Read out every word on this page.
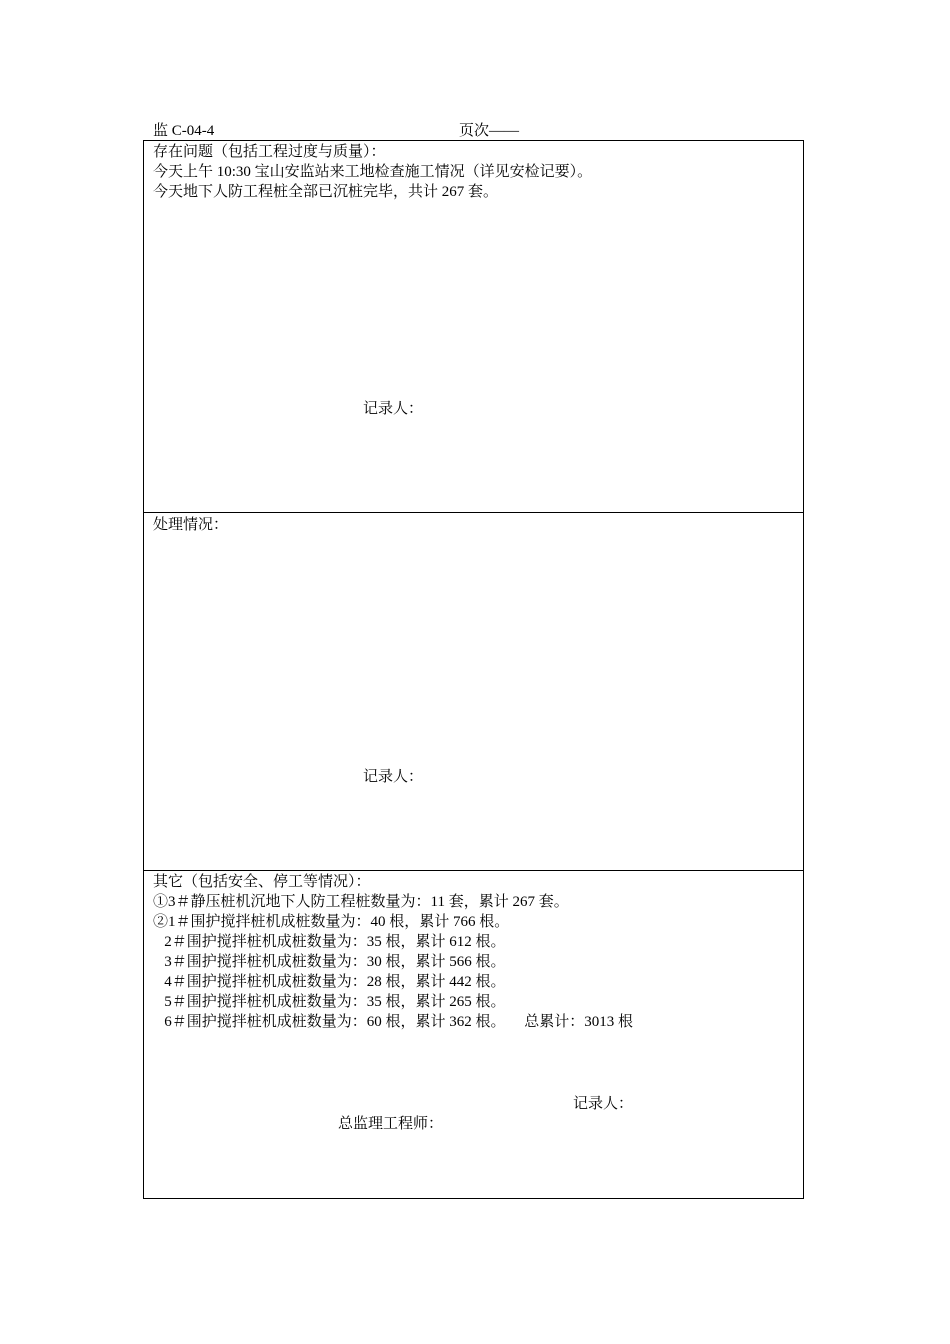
监 C-04-4	页次——
存在问题（包括工程过度与质量）：
今天上午 10:30 宝山安监站来工地检查施工情况（详见安检记要）。
今天地下人防工程桩全部已沉桩完毕，共计 267 套。
记录人：
处理情况：
记录人：
其它（包括安全、停工等情况）：
①3＃静压桩机沉地下人防工程桩数量为：11 套，累计 267 套。
②1＃围护搅拌桩机成桩数量为：40 根，累计 766 根。
2＃围护搅拌桩机成桩数量为：35 根，累计 612 根。
3＃围护搅拌桩机成桩数量为：30 根，累计 566 根。
4＃围护搅拌桩机成桩数量为：28 根，累计 442 根。
5＃围护搅拌桩机成桩数量为：35 根，累计 265 根。
6＃围护搅拌桩机成桩数量为：60 根，累计 362 根。     总累计：3013 根
记录人：
总监理工程师：
